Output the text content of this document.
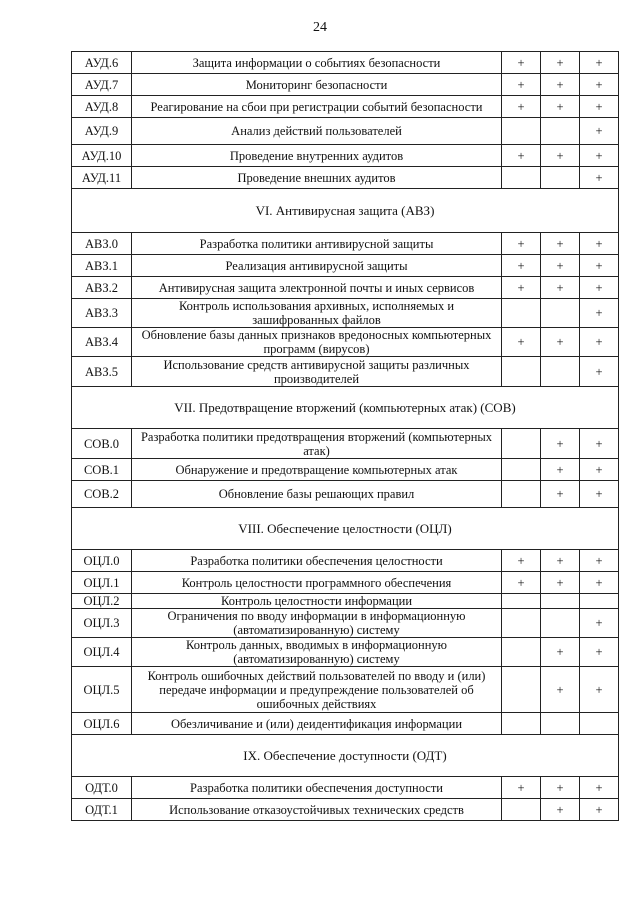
24
АУД.6	Защита информации о событиях безопасности	+	+	+
АУД.7	Мониторинг безопасности	+	+	+
АУД.8	Реагирование на сбои при регистрации событий безопасности	+	+	+
АУД.9	Анализ действий пользователей			+
АУД.10	Проведение внутренних аудитов	+	+	+
АУД.11	Проведение внешних аудитов			+
VI. Антивирусная защита (АВЗ)				
АВЗ.0	Разработка политики антивирусной защиты	+	+	+
АВЗ.1	Реализация антивирусной защиты	+	+	+
АВЗ.2	Антивирусная защита электронной почты и иных сервисов	+	+	+
АВЗ.3	Контроль использования архивных, исполняемых и зашифрованных файлов			+
АВЗ.4	Обновление базы данных признаков вредоносных компьютерных программ (вирусов)	+	+	+
АВЗ.5	Использование средств антивирусной защиты различных производителей			+
VII. Предотвращение вторжений (компьютерных атак) (СОВ)				
СОВ.0	Разработка политики предотвращения вторжений (компьютерных атак)		+	+
СОВ.1	Обнаружение и предотвращение компьютерных атак		+	+
СОВ.2	Обновление базы решающих правил		+	+
VIII. Обеспечение целостности (ОЦЛ)				
ОЦЛ.0	Разработка политики обеспечения целостности	+	+	+
ОЦЛ.1	Контроль целостности программного обеспечения	+	+	+
ОЦЛ.2	Контроль целостности информации			
ОЦЛ.3	Ограничения по вводу информации в информационную (автоматизированную) систему			+
ОЦЛ.4	Контроль данных, вводимых в информационную (автоматизированную) систему		+	+
ОЦЛ.5	Контроль ошибочных действий пользователей по вводу и (или) передаче информации и предупреждение пользователей об ошибочных действиях		+	+
ОЦЛ.6	Обезличивание и (или) деидентификация информации			
IX. Обеспечение доступности (ОДТ)				
ОДТ.0	Разработка политики обеспечения доступности	+	+	+
ОДТ.1	Использование отказоустойчивых технических средств		+	+
